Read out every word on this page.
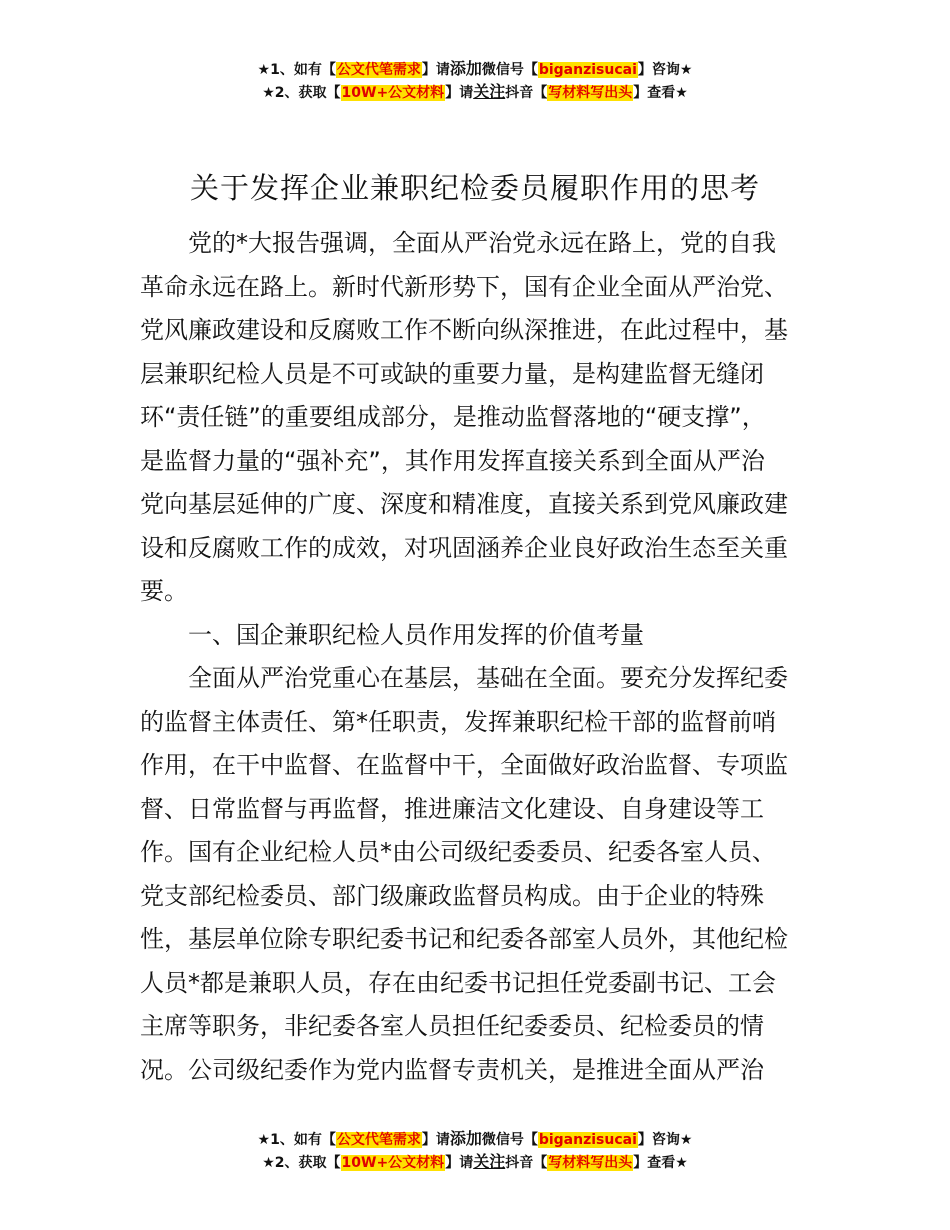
★1、如有【公文代笔需求】请添加微信号【biganzisucai】咨询★
★2、获取【10W+公文材料】请关注抖音【写材料写出头】查看★
关于发挥企业兼职纪检委员履职作用的思考

党的*大报告强调，全面从严治党永远在路上，党的自我
革命永远在路上。新时代新形势下，国有企业全面从严治党、
党风廉政建设和反腐败工作不断向纵深推进，在此过程中，基
层兼职纪检人员是不可或缺的重要力量，是构建监督无缝闭
环“责任链”的重要组成部分，是推动监督落地的“硬支撑”，
是监督力量的“强补充”，其作用发挥直接关系到全面从严治
党向基层延伸的广度、深度和精准度，直接关系到党风廉政建
设和反腐败工作的成效，对巩固涵养企业良好政治生态至关重
要。

一、国企兼职纪检人员作用发挥的价值考量

全面从严治党重心在基层，基础在全面。要充分发挥纪委
的监督主体责任、第*任职责，发挥兼职纪检干部的监督前哨
作用，在干中监督、在监督中干，全面做好政治监督、专项监
督、日常监督与再监督，推进廉洁文化建设、自身建设等工
作。国有企业纪检人员*由公司级纪委委员、纪委各室人员、
党支部纪检委员、部门级廉政监督员构成。由于企业的特殊
性，基层单位除专职纪委书记和纪委各部室人员外，其他纪检
人员*都是兼职人员，存在由纪委书记担任党委副书记、工会
主席等职务，非纪委各室人员担任纪委委员、纪检委员的情
况。公司级纪委作为党内监督专责机关，是推进全面从严治

★1、如有【公文代笔需求】请添加微信号【biganzisucai】咨询★
★2、获取【10W+公文材料】请关注抖音【写材料写出头】查看★
